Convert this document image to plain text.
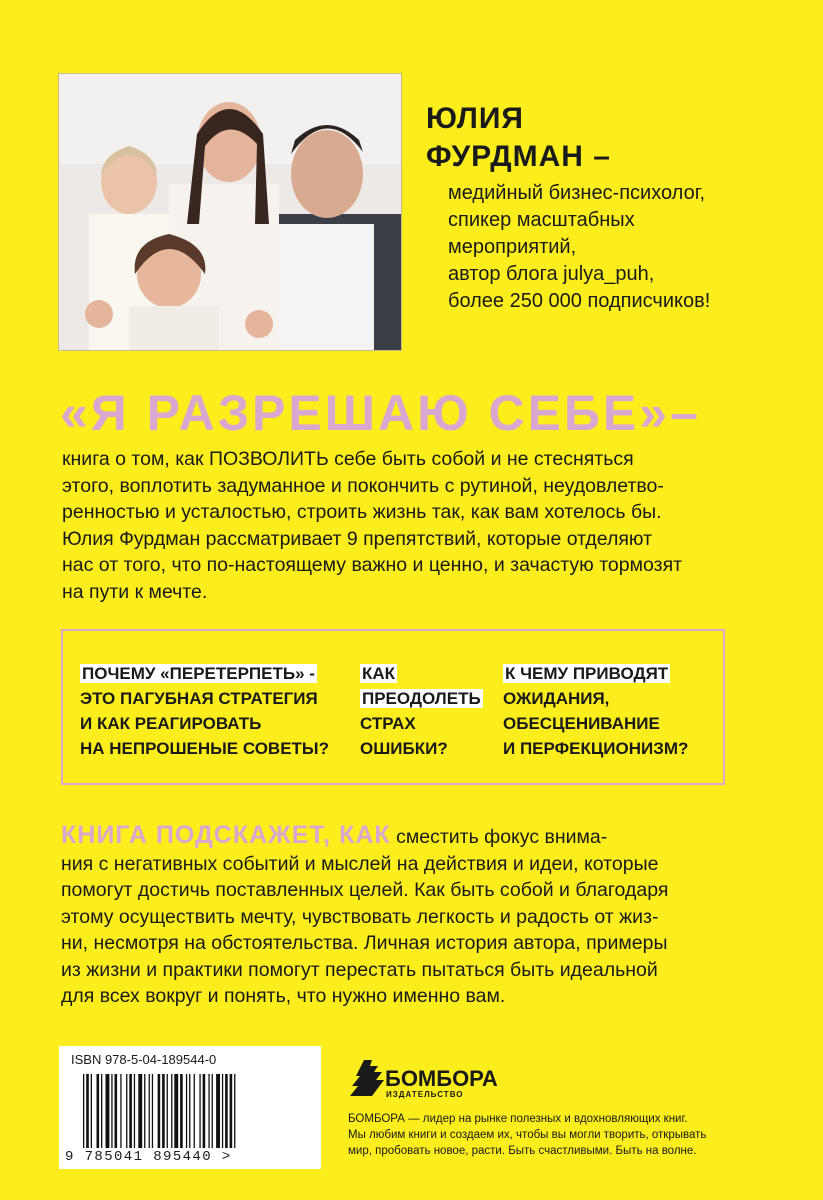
ЮЛИЯ
ФУРДМАН –
медийный бизнес-психолог,
спикер масштабных
мероприятий,
автор блога julya_puh,
более 250 000 подписчиков!
«Я РАЗРЕШАЮ СЕБЕ»–
книга о том, как ПОЗВОЛИТЬ себе быть собой и не стесняться
этого, воплотить задуманное и покончить с рутиной, неудовлетво-
ренностью и усталостью, строить жизнь так, как вам хотелось бы.
Юлия Фурдман рассматривает 9 препятствий, которые отделяют
нас от того, что по-настоящему важно и ценно, и зачастую тормозят
на пути к мечте.
ПОЧЕМУ «ПЕРЕТЕРПЕТЬ» -
ЭТО ПАГУБНАЯ СТРАТЕГИЯ
И КАК РЕАГИРОВАТЬ
НА НЕПРОШЕНЫЕ СОВЕТЫ?
КАК
ПРЕОДОЛЕТЬ
СТРАХ
ОШИБКИ?
К ЧЕМУ ПРИВОДЯТ
ОЖИДАНИЯ,
ОБЕСЦЕНИВАНИЕ
И ПЕРФЕКЦИОНИЗМ?
КНИГА ПОДСКАЖЕТ, КАК сместить фокус внима-
ния с негативных событий и мыслей на действия и идеи, которые
помогут достичь поставленных целей. Как быть собой и благодаря
этому осуществить мечту, чувствовать легкость и радость от жиз-
ни, несмотря на обстоятельства. Личная история автора, примеры
из жизни и практики помогут перестать пытаться быть идеальной
для всех вокруг и понять, что нужно именно вам.
ISBN 978-5-04-189544-0
9 785041 895440 >
БОМБОРА
ИЗДАТЕЛЬСТВО
БОМБОРА — лидер на рынке полезных и вдохновляющих книг.
Мы любим книги и создаем их, чтобы вы могли творить, открывать
мир, пробовать новое, расти. Быть счастливыми. Быть на волне.
